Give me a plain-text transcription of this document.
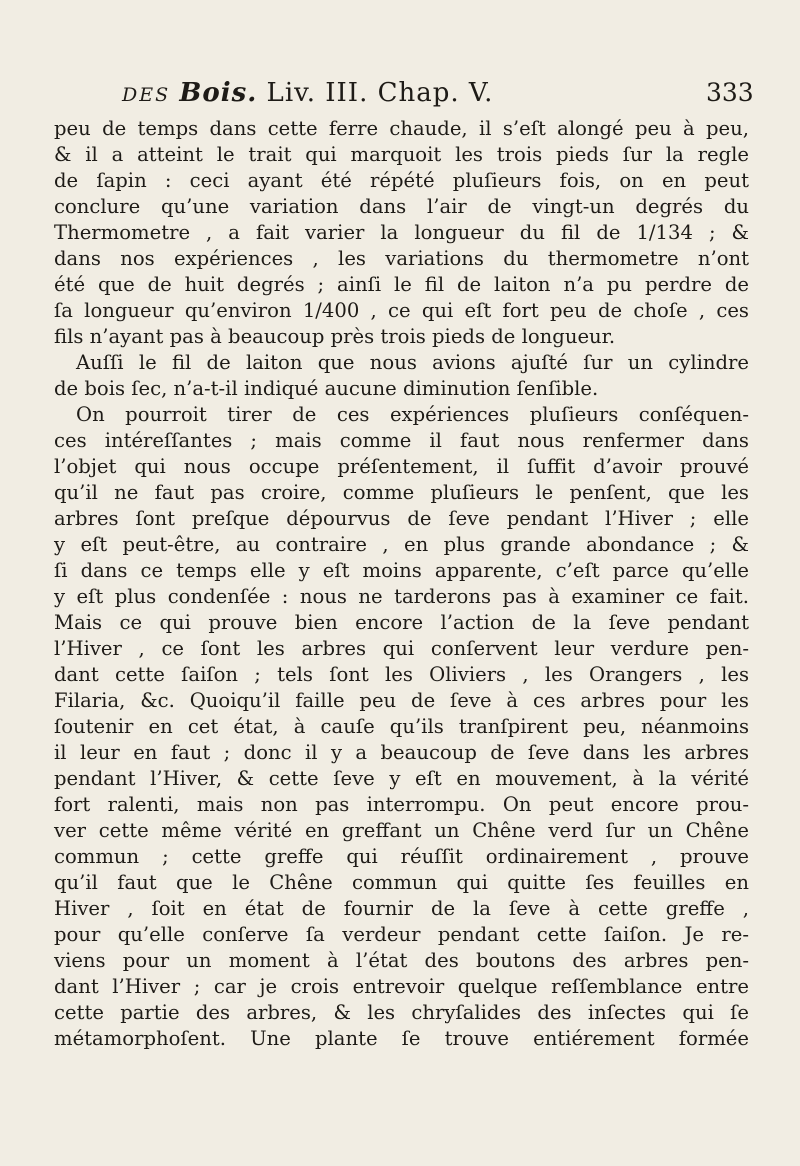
DES Bois. Liv. III. Chap. V.	333
peu de temps dans cette ferre chaude, il s’eſt alongé peu à peu,
& il a atteint le trait qui marquoit les trois pieds ſur la regle
de ſapin : ceci ayant été répété pluſieurs fois, on en peut
conclure qu’une variation dans l’air de vingt-un degrés du
Thermometre , a fait varier la longueur du fil de 1/134 ; &
dans nos expériences , les variations du thermometre n’ont
été que de huit degrés ; ainſi le fil de laiton n’a pu perdre de
ſa longueur qu’environ 1/400 , ce qui eſt fort peu de choſe , ces
fils n’ayant pas à beaucoup près trois pieds de longueur.
Auſſi le fil de laiton que nous avions ajuſté ſur un cylindre
de bois ſec, n’a-t-il indiqué aucune diminution ſenſible.
On pourroit tirer de ces expériences pluſieurs conſéquen-
ces intéreſſantes ; mais comme il faut nous renfermer dans
l’objet qui nous occupe préſentement, il ſuffit d’avoir prouvé
qu’il ne faut pas croire, comme pluſieurs le penſent, que les
arbres ſont preſque dépourvus de ſeve pendant l’Hiver ; elle
y eſt peut-être, au contraire , en plus grande abondance ; &
ſi dans ce temps elle y eſt moins apparente, c’eſt parce qu’elle
y eſt plus condenſée : nous ne tarderons pas à examiner ce fait.
Mais ce qui prouve bien encore l’action de la ſeve pendant
l’Hiver , ce ſont les arbres qui conſervent leur verdure pen-
dant cette ſaiſon ; tels ſont les Oliviers , les Orangers , les
Filaria, &c. Quoiqu’il faille peu de ſeve à ces arbres pour les
ſoutenir en cet état, à cauſe qu’ils tranſpirent peu, néanmoins
il leur en faut ; donc il y a beaucoup de ſeve dans les arbres
pendant l’Hiver, & cette ſeve y eſt en mouvement, à la vérité
fort ralenti, mais non pas interrompu. On peut encore prou-
ver cette même vérité en greffant un Chêne verd ſur un Chêne
commun ; cette greffe qui réuſſit ordinairement , prouve
qu’il faut que le Chêne commun qui quitte ſes feuilles en
Hiver , ſoit en état de fournir de la ſeve à cette greffe ,
pour qu’elle conſerve ſa verdeur pendant cette ſaiſon. Je re-
viens pour un moment à l’état des boutons des arbres pen-
dant l’Hiver ; car je crois entrevoir quelque reſſemblance entre
cette partie des arbres, & les chryſalides des inſectes qui ſe
métamorphoſent. Une plante ſe trouve entiérement formée
